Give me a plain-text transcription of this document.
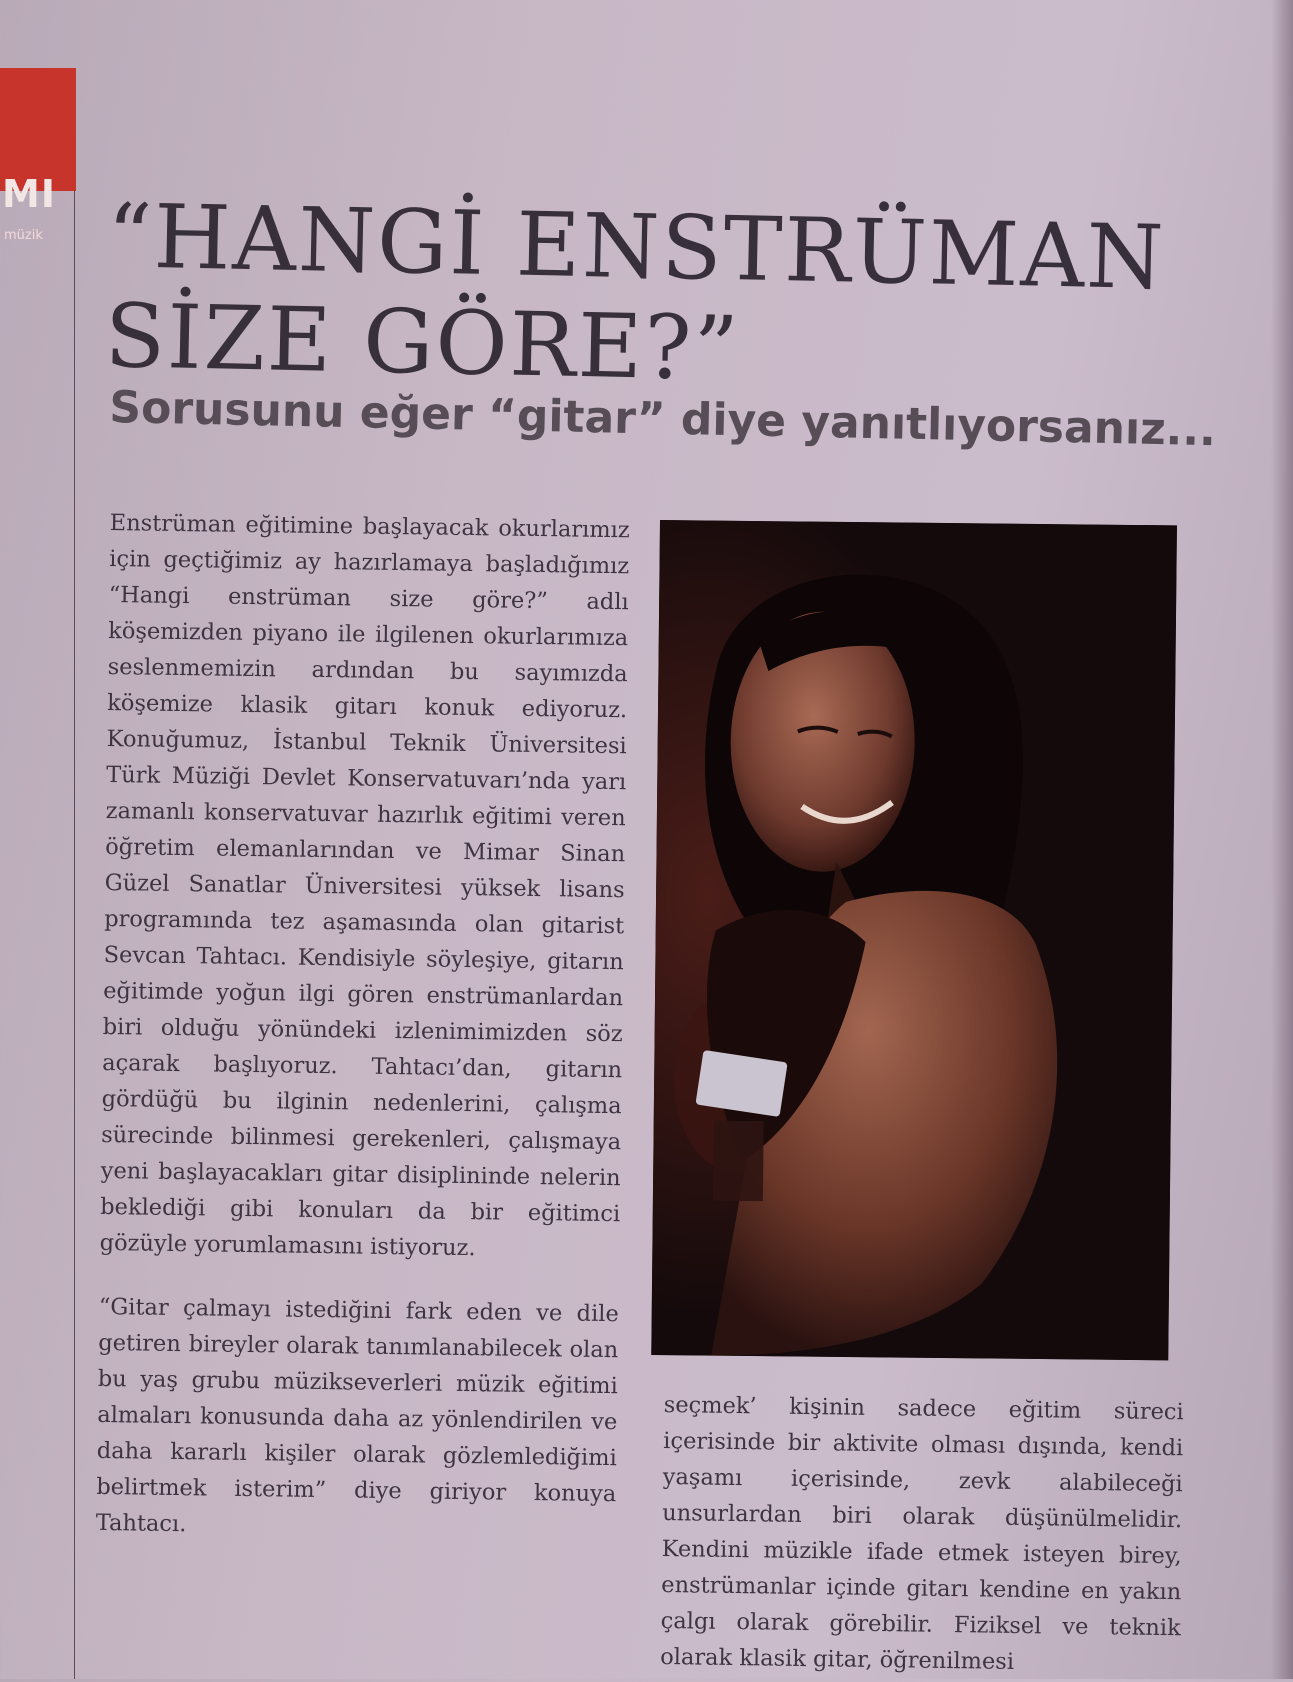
MI
müzik “HANGİ ENSTRÜMAN SİZE GÖRE?”
Sorusunu eğer “gitar” diye yanıtlıyorsanız...

Enstrüman eğitimine başlayacak okurlarımız için geçtiğimiz ay hazırlamaya başladığımız “Hangi enstrüman size göre?” adlı köşemizden piyano ile ilgilenen okurlarımıza seslenmemizin ardından bu sayımızda köşemize klasik gitarı konuk ediyoruz. Konuğumuz, İstanbul Teknik Üniversitesi Türk Müziği Devlet Konservatuvarı’nda yarı zamanlı konservatuvar hazırlık eğitimi veren öğretim elemanlarından ve Mimar Sinan Güzel Sanatlar Üniversitesi yüksek lisans programında tez aşamasında olan gitarist Sevcan Tahtacı. Kendisiyle söyleşiye, gitarın eğitimde yoğun ilgi gören enstrümanlardan biri olduğu yönündeki izlenimimizden söz açarak başlıyoruz. Tahtacı’dan, gitarın gördüğü bu ilginin nedenlerini, çalışma sürecinde bilinmesi gerekenleri, çalışmaya yeni başlayacakları gitar disiplininde nelerin beklediği gibi konuları da bir eğitimci gözüyle yorumlamasını istiyoruz.

“Gitar çalmayı istediğini fark eden ve dile getiren bireyler olarak tanımlanabilecek olan bu yaş grubu müzikseverleri müzik eğitimi almaları konusunda daha az yönlendirilen ve daha kararlı kişiler olarak gözlemlediğimi belirtmek isterim” diye giriyor konuya Tahtacı.

seçmek’ kişinin sadece eğitim süreci içerisinde bir aktivite olması dışında, kendi yaşamı içerisinde, zevk alabileceği unsurlardan biri olarak düşünülmelidir. Kendini müzikle ifade etmek isteyen birey, enstrümanlar içinde gitarı kendine en yakın çalgı olarak görebilir. Fiziksel ve teknik olarak klasik gitar, öğrenilmesi
